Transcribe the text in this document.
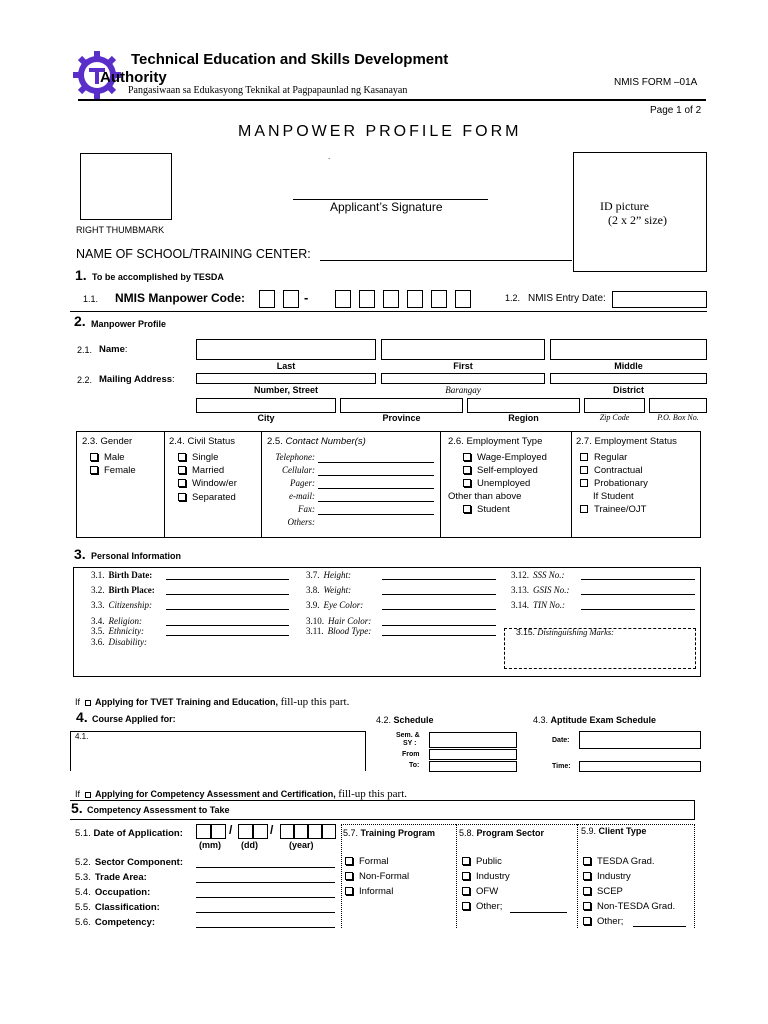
Technical Education and Skills Development
Authority
Pangasiwaan sa Edukasyong Teknikal at Pagpapaunlad ng Kasanayan
NMIS FORM –01A
Page 1 of 2
MANPOWER PROFILE FORM
RIGHT THUMBMARK
.
Applicant’s Signature	ID picture
(2 x 2” size)
NAME OF SCHOOL/TRAINING CENTER:
1. To be accomplished by TESDA
1.1. NMIS Manpower Code:	-	1.2. NMIS Entry Date:
2. Manpower Profile
2.1. Name:
Last	First	Middle
2.2. Mailing Address:
Number, Street	Barangay	District
City	Province	Region	Zip Code	P.O. Box No.
2.3. Gender
Male
Female
2.4. Civil Status
Single
Married
Window/er
Separated
2.5. Contact Number(s)
Telephone:
Cellular:
Pager:
e-mail:
Fax:
Others:
2.6. Employment Type
Wage-Employed
Self-employed
Unemployed
Other than above
Student
2.7. Employment Status
Regular
Contractual
Probationary
If Student
Trainee/OJT
3. Personal Information
3.1. Birth Date:
3.2. Birth Place:
3.3. Citizenship:
3.4. Religion:
3.5. Ethnicity:
3.6. Disability:
3.7. Height:
3.8. Weight:
3.9. Eye Color:
3.10. Hair Color:
3.11. Blood Type:
3.12. SSS No.:
3.13. GSIS No.:
3.14. TIN No.:
3.15. Distinguishing Marks:
If Applying for TVET Training and Education, fill-up this part.
4. Course Applied for:
4.1.
4.2. Schedule
Sem. &
SY :
From
To:
4.3. Aptitude Exam Schedule
Date:
Time:
If Applying for Competency Assessment and Certification, fill-up this part.
5. Competency Assessment to Take
5.1. Date of Application:	/	/
(mm) (dd)	(year)
5.2. Sector Component:
5.3. Trade Area:
5.4. Occupation:
5.5. Classification:
5.6. Competency:
5.7. Training Program
Formal
Non-Formal
Informal
5.8. Program Sector
Public
Industry
OFW
Other;
5.9. Client Type
TESDA Grad.
Industry
SCEP
Non-TESDA Grad.
Other;
